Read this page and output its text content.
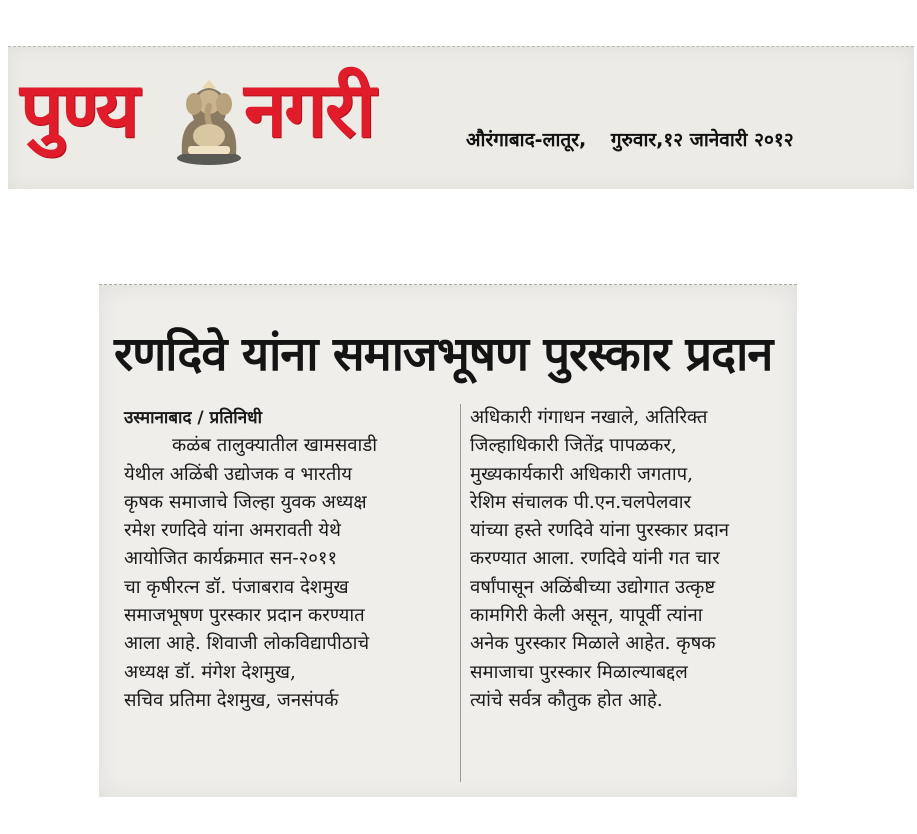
पुण्य नगरी	औरंगाबाद-लातूर, गुरुवार,१२ जानेवारी २०१२
रणदिवे यांना समाजभूषण पुरस्कार प्रदान

उस्मानाबाद / प्रतिनिधी

कळंब तालुक्यातील खामसवाडी

येथील अळिंबी उद्योजक व भारतीय

कृषक समाजाचे जिल्हा युवक अध्यक्ष

रमेश रणदिवे यांना अमरावती येथे

आयोजित कार्यक्रमात सन-२०११

चा कृषीरत्न डॉ. पंजाबराव देशमुख

समाजभूषण पुरस्कार प्रदान करण्यात

आला आहे. शिवाजी लोकविद्यापीठाचे

अध्यक्ष डॉ. मंगेश देशमुख,

सचिव प्रतिमा देशमुख, जनसंपर्क

अधिकारी गंगाधन नखाले, अतिरिक्त

जिल्हाधिकारी जितेंद्र पापळकर,

मुख्यकार्यकारी अधिकारी जगताप,

रेशिम संचालक पी.एन.चलपेलवार

यांच्या हस्ते रणदिवे यांना पुरस्कार प्रदान

करण्यात आला. रणदिवे यांनी गत चार

वर्षांपासून अळिंबीच्या उद्योगात उत्कृष्ट

कामगिरी केली असून, यापूर्वी त्यांना

अनेक पुरस्कार मिळाले आहेत. कृषक

समाजाचा पुरस्कार मिळाल्याबद्दल

त्यांचे सर्वत्र कौतुक होत आहे.
